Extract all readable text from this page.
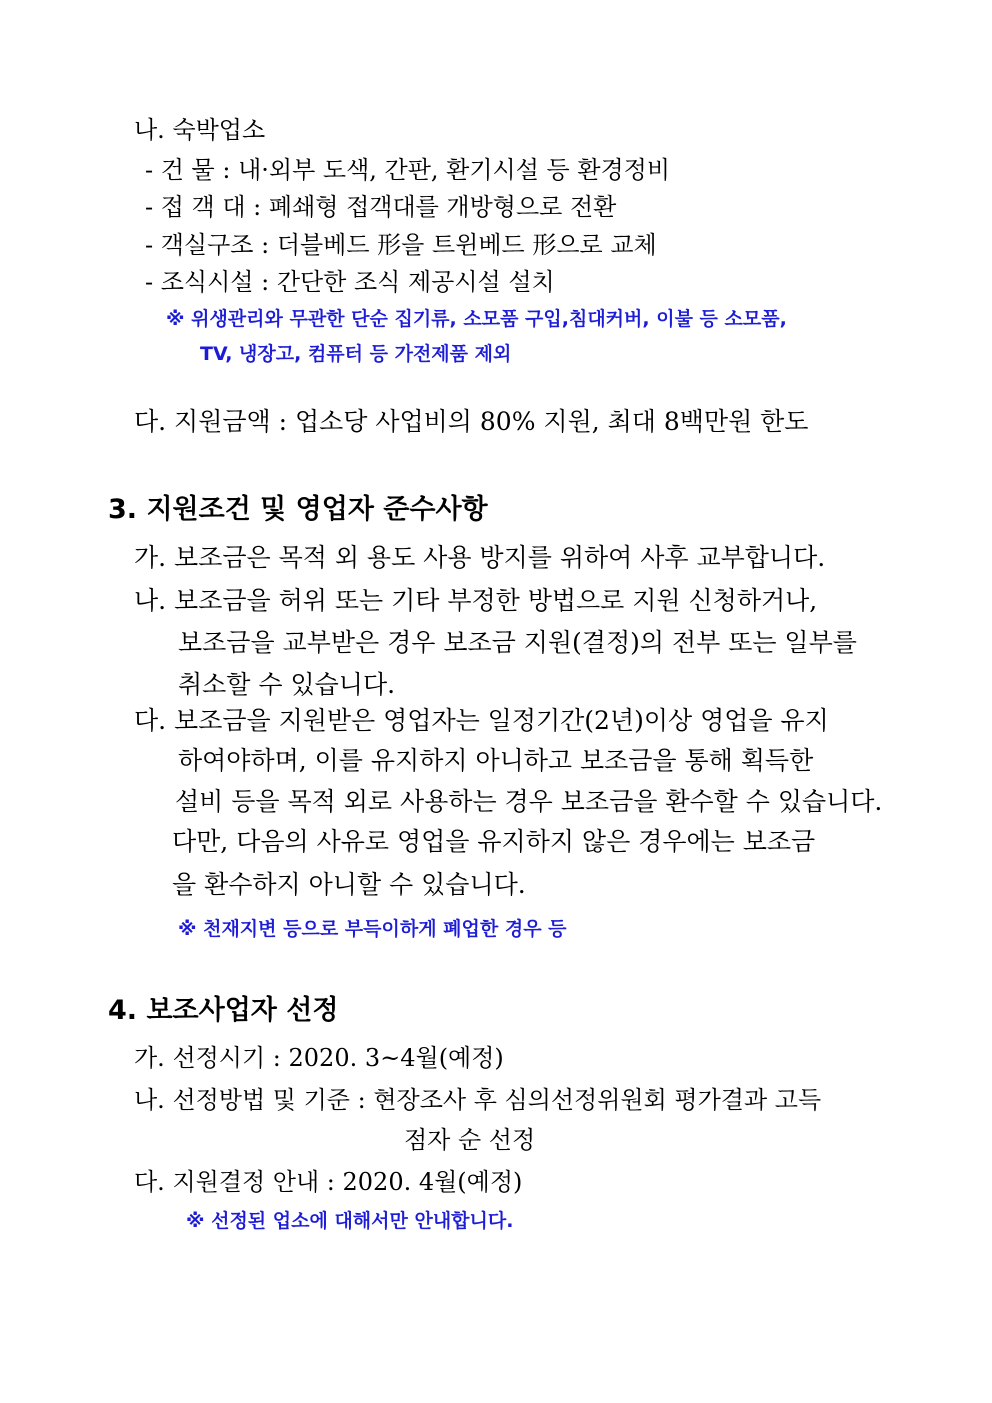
나. 숙박업소
- 건 물 : 내·외부 도색, 간판, 환기시설 등 환경정비
- 접 객 대 : 폐쇄형 접객대를 개방형으로 전환
- 객실구조 : 더블베드 形을 트윈베드 形으로 교체
- 조식시설 : 간단한 조식 제공시설 설치
※ 위생관리와 무관한 단순 집기류, 소모품 구입,침대커버, 이불 등 소모품,
TV, 냉장고, 컴퓨터 등 가전제품 제외
다. 지원금액 : 업소당 사업비의 80% 지원, 최대 8백만원 한도
3. 지원조건 및 영업자 준수사항
가. 보조금은 목적 외 용도 사용 방지를 위하여 사후 교부합니다.
나. 보조금을 허위 또는 기타 부정한 방법으로 지원 신청하거나,
보조금을 교부받은 경우 보조금 지원(결정)의 전부 또는 일부를
취소할 수 있습니다.
다. 보조금을 지원받은 영업자는 일정기간(2년)이상 영업을 유지
하여야하며, 이를 유지하지 아니하고 보조금을 통해 획득한
설비 등을 목적 외로 사용하는 경우 보조금을 환수할 수 있습니다.
다만, 다음의 사유로 영업을 유지하지 않은 경우에는 보조금
을 환수하지 아니할 수 있습니다.
※ 천재지변 등으로 부득이하게 폐업한 경우 등
4. 보조사업자 선정
가. 선정시기 : 2020. 3~4월(예정)
나. 선정방법 및 기준 : 현장조사 후 심의선정위원회 평가결과 고득
점자 순 선정
다. 지원결정 안내 : 2020. 4월(예정)
※ 선정된 업소에 대해서만 안내합니다.
